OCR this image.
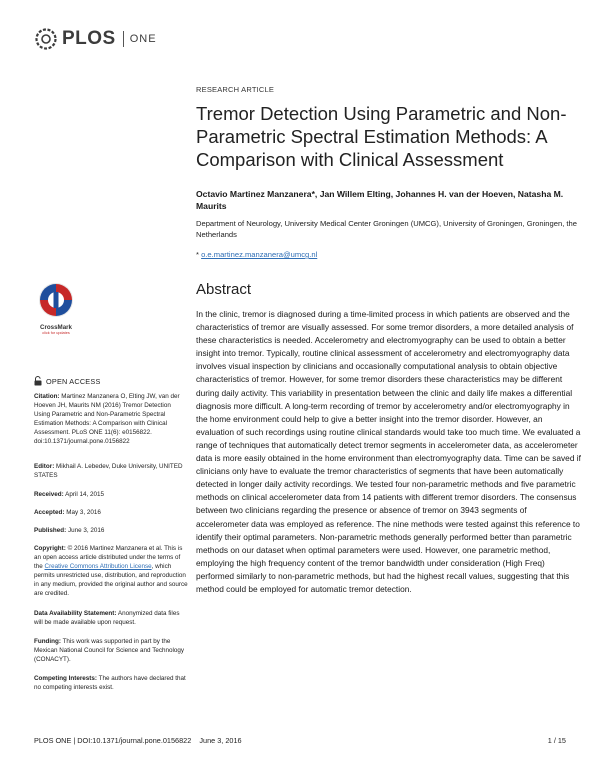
PLOS ONE
RESEARCH ARTICLE
Tremor Detection Using Parametric and Non-Parametric Spectral Estimation Methods: A Comparison with Clinical Assessment
Octavio Martinez Manzanera*, Jan Willem Elting, Johannes H. van der Hoeven, Natasha M. Maurits
Department of Neurology, University Medical Center Groningen (UMCG), University of Groningen, Groningen, the Netherlands
* o.e.martinez.manzanera@umcg.nl
Abstract
In the clinic, tremor is diagnosed during a time-limited process in which patients are observed and the characteristics of tremor are visually assessed. For some tremor disorders, a more detailed analysis of these characteristics is needed. Accelerometry and electromyography can be used to obtain a better insight into tremor. Typically, routine clinical assessment of accelerometry and electromyography data involves visual inspection by clinicians and occasionally computational analysis to obtain objective characteristics of tremor. However, for some tremor disorders these characteristics may be different during daily activity. This variability in presentation between the clinic and daily life makes a differential diagnosis more difficult. A long-term recording of tremor by accelerometry and/or electromyography in the home environment could help to give a better insight into the tremor disorder. However, an evaluation of such recordings using routine clinical standards would take too much time. We evaluated a range of techniques that automatically detect tremor segments in accelerometer data, as accelerometer data is more easily obtained in the home environment than electromyography data. Time can be saved if clinicians only have to evaluate the tremor characteristics of segments that have been automatically detected in longer daily activity recordings. We tested four non-parametric methods and five parametric methods on clinical accelerometer data from 14 patients with different tremor disorders. The consensus between two clinicians regarding the presence or absence of tremor on 3943 segments of accelerometer data was employed as reference. The nine methods were tested against this reference to identify their optimal parameters. Non-parametric methods generally performed better than parametric methods on our dataset when optimal parameters were used. However, one parametric method, employing the high frequency content of the tremor bandwidth under consideration (High Freq) performed similarly to non-parametric methods, but had the highest recall values, suggesting that this method could be employed for automatic tremor detection.
CrossMark
click for updates
OPEN ACCESS
Citation: Martinez Manzanera O, Elting JW, van der Hoeven JH, Maurits NM (2016) Tremor Detection Using Parametric and Non-Parametric Spectral Estimation Methods: A Comparison with Clinical Assessment. PLoS ONE 11(6): e0156822. doi:10.1371/journal.pone.0156822
Editor: Mikhail A. Lebedev, Duke University, UNITED STATES
Received: April 14, 2015
Accepted: May 3, 2016
Published: June 3, 2016
Copyright: © 2016 Martinez Manzanera et al. This is an open access article distributed under the terms of the Creative Commons Attribution License, which permits unrestricted use, distribution, and reproduction in any medium, provided the original author and source are credited.
Data Availability Statement: Anonymized data files will be made available upon request.
Funding: This work was supported in part by the Mexican National Council for Science and Technology (CONACYT).
Competing Interests: The authors have declared that no competing interests exist.
PLOS ONE | DOI:10.1371/journal.pone.0156822    June 3, 2016	1 / 15
